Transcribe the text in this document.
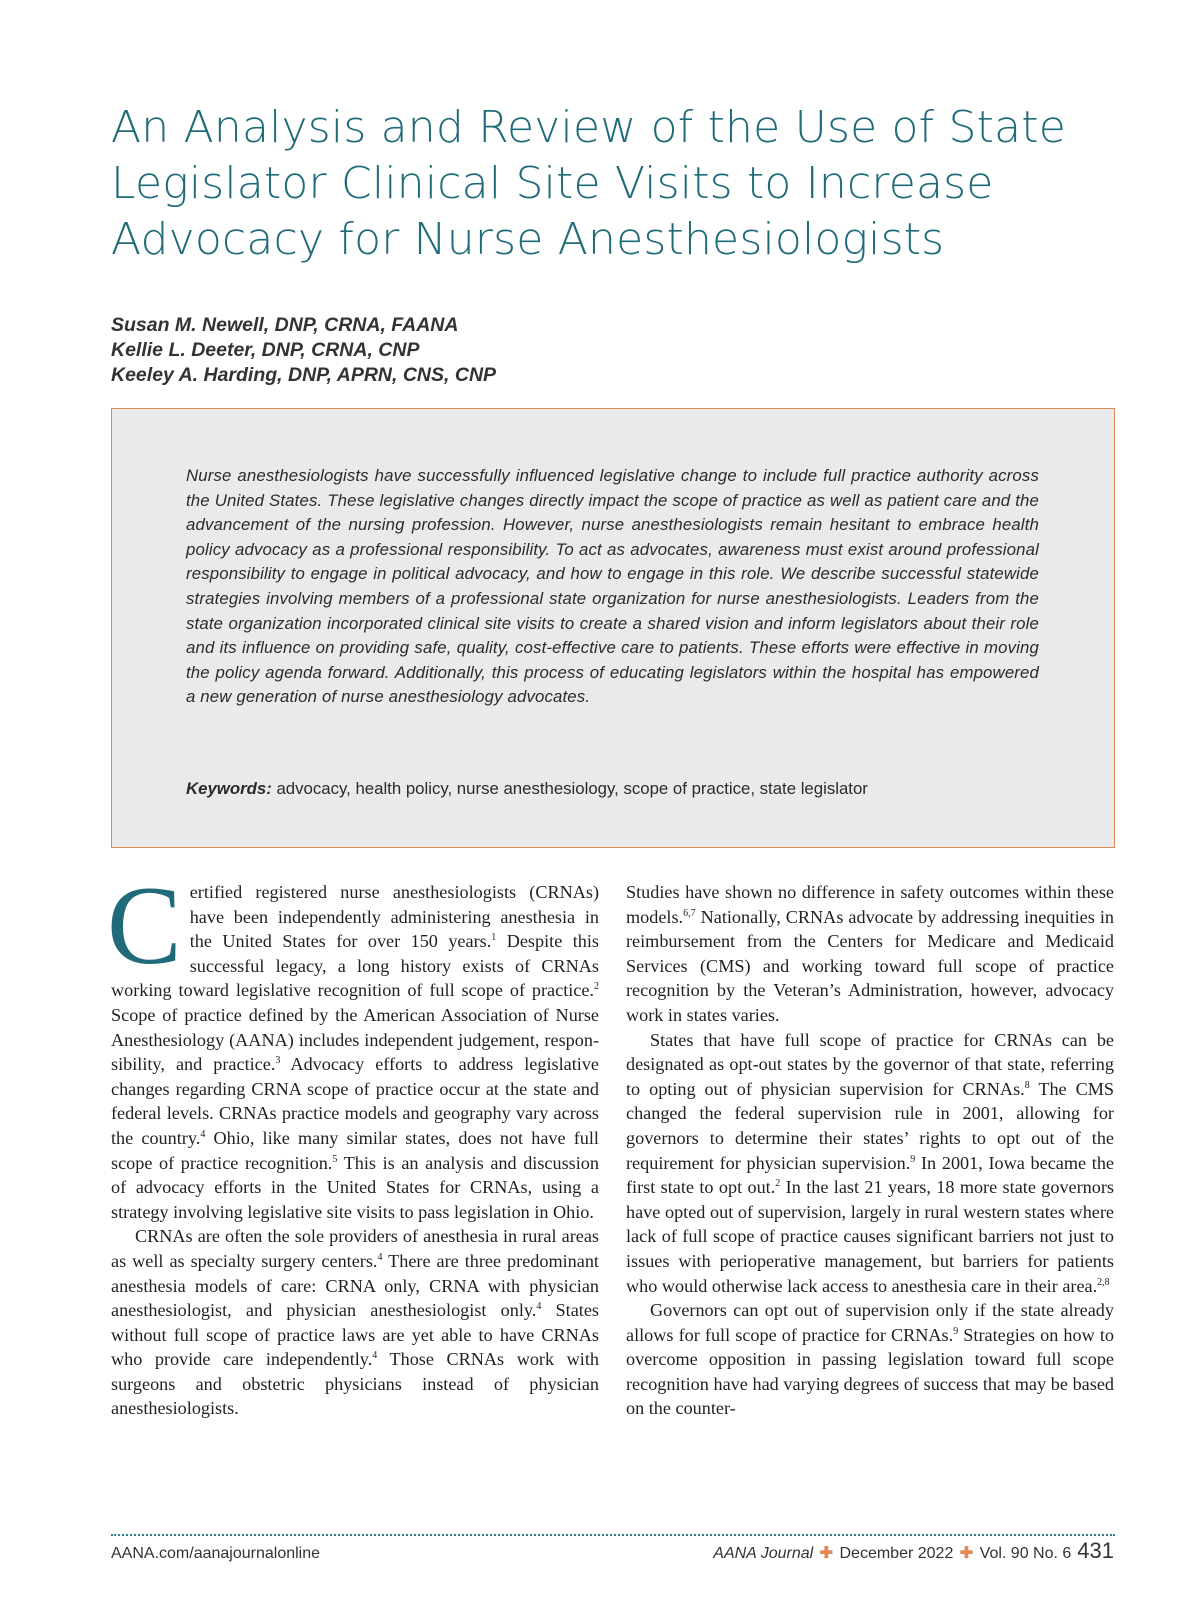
An Analysis and Review of the Use of State
Legislator Clinical Site Visits to Increase
Advocacy for Nurse Anesthesiologists
Susan M. Newell, DNP, CRNA, FAANA
Kellie L. Deeter, DNP, CRNA, CNP
Keeley A. Harding, DNP, APRN, CNS, CNP

Nurse anesthesiologists have successfully influenced legislative change to include full practice authority across the United States. These legislative changes directly impact the scope of practice as well as patient care and the advancement of the nursing profession. However, nurse anesthesiologists remain hesitant to embrace health policy advocacy as a professional responsibility. To act as advocates, awareness must exist around professional responsibility to engage in political advocacy, and how to engage in this role. We describe successful statewide strategies involving members of a professional state organization for nurse anesthesiologists. Leaders from the state organization incorporated clinical site visits to create a shared vision and inform legislators about their role and its influence on providing safe, quality, cost-effective care to patients. These efforts were effective in moving the policy agenda forward. Additionally, this process of educating legislators within the hospital has empowered a new generation of nurse anesthesiology advocates.

Keywords: advocacy, health policy, nurse anesthesiology, scope of practice, state legislator

C ertified registered nurse anesthesiologists (CRNAs) have been independently administering anesthesia in the United States for over 150 years.$^1$ Despite this successful legacy, a long history exists of CRNAs working toward legislative recognition of full scope of practice.$^2$ Scope of practice defined by the American Association of Nurse Anesthesiology (AANA) includes independent judgement, responsibility, and practice.$^3$ Advocacy efforts to address legislative changes regarding CRNA scope of practice occur at the state and federal levels. CRNAs practice models and geography vary across the country.$^4$ Ohio, like many similar states, does not have full scope of practice recognition.$^5$ This is an analysis and discussion of advocacy efforts in the United States for CRNAs, using a strategy involving legislative site visits to pass legislation in Ohio.

CRNAs are often the sole providers of anesthesia in rural areas as well as specialty surgery centers.$^4$ There are three predominant anesthesia models of care: CRNA only, CRNA with physician anesthesiologist, and physician anesthesiologist only.$^4$ States without full scope of practice laws are yet able to have CRNAs who provide care independently.$^4$ Those CRNAs work with surgeons and obstetric physicians instead of physician anesthesiologists.

Studies have shown no difference in safety outcomes within these models.$^{6,7}$ Nationally, CRNAs advocate by addressing inequities in reimbursement from the Centers for Medicare and Medicaid Services (CMS) and working toward full scope of practice recognition by the Veteran’s Administration, however, advocacy work in states varies.

States that have full scope of practice for CRNAs can be designated as opt-out states by the governor of that state, referring to opting out of physician supervision for CRNAs.$^8$ The CMS changed the federal supervision rule in 2001, allowing for governors to determine their states’ rights to opt out of the requirement for physician supervision.$^9$ In 2001, Iowa became the first state to opt out.$^2$ In the last 21 years, 18 more state governors have opted out of supervision, largely in rural western states where lack of full scope of practice causes significant barriers not just to issues with perioperative management, but barriers for patients who would otherwise lack access to anesthesia care in their area.$^{2,8}$

Governors can opt out of supervision only if the state already allows for full scope of practice for CRNAs.$^9$ Strategies on how to overcome opposition in passing legislation toward full scope recognition have had varying degrees of success that may be based on the counter-

AANA.com/aanajournalonline	AANA Journal ✚ December 2022 ✚ Vol. 90 No. 6 431
